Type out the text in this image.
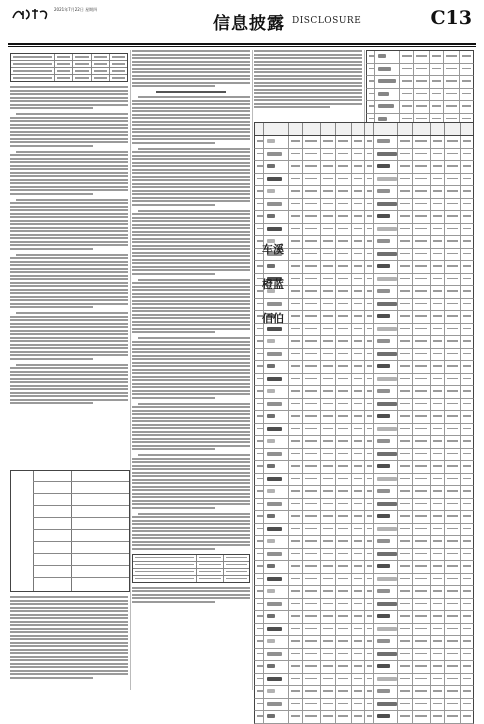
2021年7月22日 星期四
信息披露 DISCLOSURE	C13
车溪
橙蓝
佰伯
